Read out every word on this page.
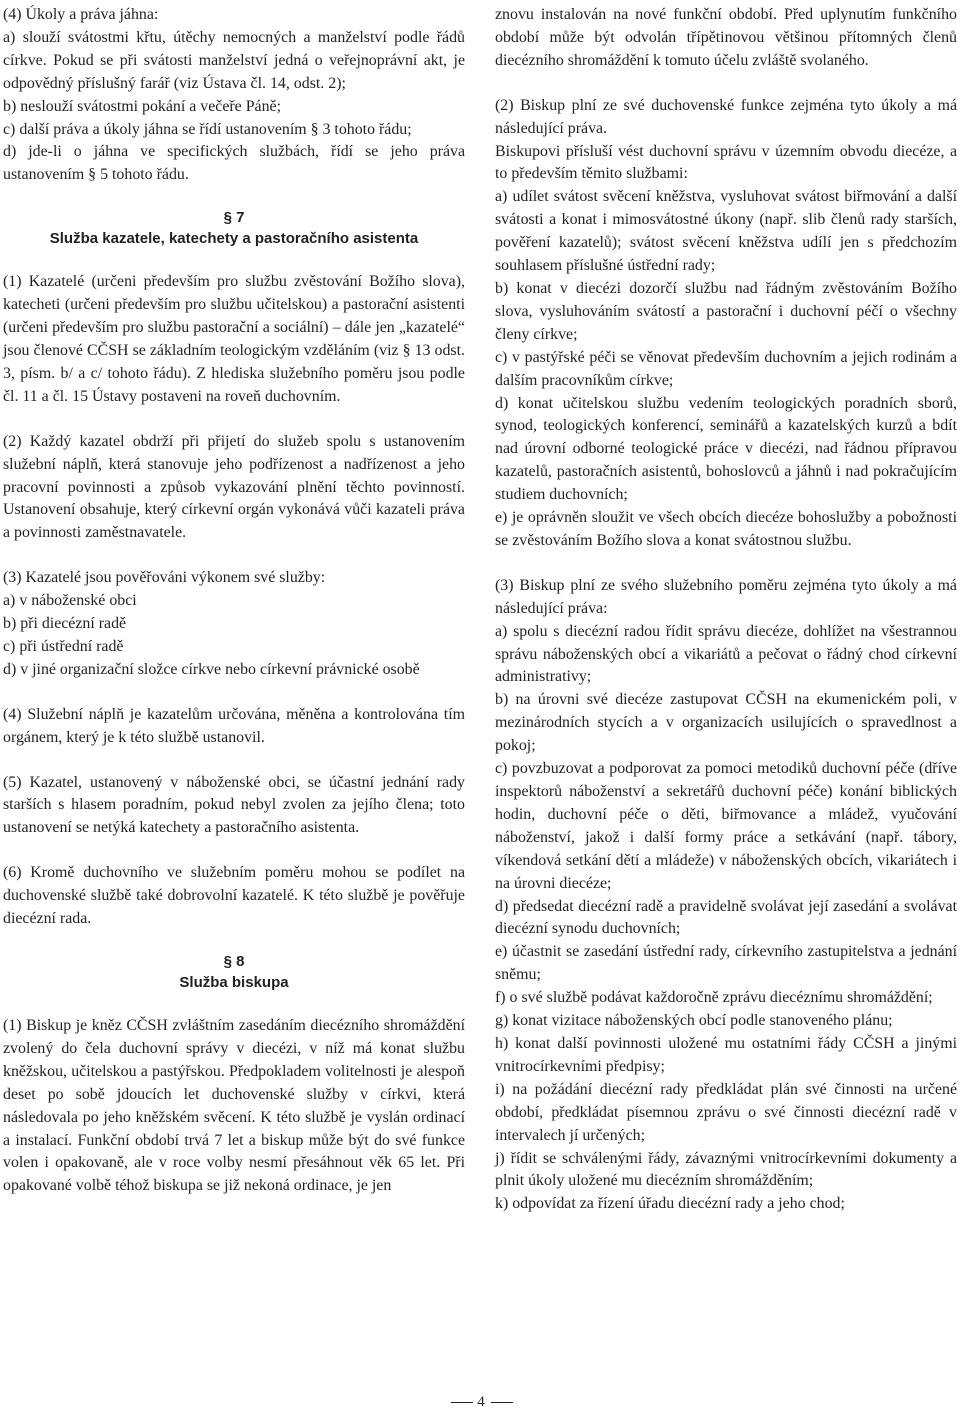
(4) Úkoly a práva jáhna:

a) slouží svátostmi křtu, útěchy nemocných a manželství podle řádů církve. Pokud se při svátosti manželství jedná o veřejnoprávní akt, je odpovědný příslušný farář (viz Ústava čl. 14, odst. 2);

b) neslouží svátostmi pokání a večeře Páně;

c) další práva a úkoly jáhna se řídí ustanovením § 3 tohoto řádu;

d) jde-li o jáhna ve specifických službách, řídí se jeho práva ustanovením § 5 tohoto řádu.

§ 7
Služba kazatele, katechety a pastoračního asistenta

(1) Kazatelé (určeni především pro službu zvěstování Božího slova), katecheti (určeni především pro službu učitelskou) a pastorační asistenti (určeni především pro službu pastorační a sociální) – dále jen „kazatelé“ jsou členové CČSH se základním teologickým vzděláním (viz § 13 odst. 3, písm. b/ a c/ tohoto řádu). Z hlediska služebního poměru jsou podle čl. 11 a čl. 15 Ústavy postaveni na roveň duchovním.

(2) Každý kazatel obdrží při přijetí do služeb spolu s ustanovením služební náplň, která stanovuje jeho podřízenost a nadřízenost a jeho pracovní povinnosti a způsob vykazování plnění těchto povinností. Ustanovení obsahuje, který církevní orgán vykonává vůči kazateli práva a povinnosti zaměstnavatele.

(3) Kazatelé jsou pověřováni výkonem své služby:

a) v náboženské obci

b) při diecézní radě

c) při ústřední radě

d) v jiné organizační složce církve nebo církevní právnické osobě

(4) Služební náplň je kazatelům určována, měněna a kontrolována tím orgánem, který je k této službě ustanovil.

(5) Kazatel, ustanovený v náboženské obci, se účastní jednání rady starších s hlasem poradním, pokud nebyl zvolen za jejího člena; toto ustanovení se netýká katechety a pastoračního asistenta.

(6) Kromě duchovního ve služebním poměru mohou se podílet na duchovenské službě také dobrovolní kazatelé. K této službě je pověřuje diecézní rada.

§ 8
Služba biskupa

(1) Biskup je kněz CČSH zvláštním zasedáním diecézního shromáždění zvolený do čela duchovní správy v diecézi, v níž má konat službu kněžskou, učitelskou a pastýřskou. Předpokladem volitelnosti je alespoň deset po sobě jdoucích let duchovenské služby v církvi, která následovala po jeho kněžském svěcení. K této službě je vyslán ordinací a instalací. Funkční období trvá 7 let a biskup může být do své funkce volen i opakovaně, ale v roce volby nesmí přesáhnout věk 65 let. Při opakované volbě téhož biskupa se již nekoná ordinace, je jen

znovu instalován na nové funkční období. Před uplynutím funkčního období může být odvolán třípětinovou většinou přítomných členů diecézního shromáždění k tomuto účelu zvláště svolaného.

(2) Biskup plní ze své duchovenské funkce zejména tyto úkoly a má následující práva.

Biskupovi přísluší vést duchovní správu v územním obvodu diecéze, a to především těmito službami:

a) udílet svátost svěcení kněžstva, vysluhovat svátost biřmování a další svátosti a konat i mimosvátostné úkony (např. slib členů rady starších, pověření kazatelů); svátost svěcení kněžstva udílí jen s předchozím souhlasem příslušné ústřední rady;

b) konat v diecézi dozorčí službu nad řádným zvěstováním Božího slova, vysluhováním svátostí a pastorační i duchovní péčí o všechny členy církve;

c) v pastýřské péči se věnovat především duchovním a jejich rodinám a dalším pracovníkům církve;

d) konat učitelskou službu vedením teologických poradních sborů, synod, teologických konferencí, seminářů a kazatelských kurzů a bdít nad úrovní odborné teologické práce v diecézi, nad řádnou přípravou kazatelů, pastoračních asistentů, bohoslovců a jáhnů i nad pokračujícím studiem duchovních;

e) je oprávněn sloužit ve všech obcích diecéze bohoslužby a pobožnosti se zvěstováním Božího slova a konat svátostnou službu.

(3) Biskup plní ze svého služebního poměru zejména tyto úkoly a má následující práva:

a) spolu s diecézní radou řídit správu diecéze, dohlížet na všestrannou správu náboženských obcí a vikariátů a pečovat o řádný chod církevní administrativy;

b) na úrovni své diecéze zastupovat CČSH na ekumenickém poli, v mezinárodních stycích a v organizacích usilujících o spravedlnost a pokoj;

c) povzbuzovat a podporovat za pomoci metodiků duchovní péče (dříve inspektorů náboženství a sekretářů duchovní péče) konání biblických hodin, duchovní péče o děti, biřmovance a mládež, vyučování náboženství, jakož i další formy práce a setkávání (např. tábory, víkendová setkání dětí a mládeže) v náboženských obcích, vikariátech i na úrovni diecéze;

d) předsedat diecézní radě a pravidelně svolávat její zasedání a svolávat diecézní synodu duchovních;

e) účastnit se zasedání ústřední rady, církevního zastupitelstva a jednání sněmu;

f) o své službě podávat každoročně zprávu diecéznímu shromáždění;

g) konat vizitace náboženských obcí podle stanoveného plánu;

h) konat další povinnosti uložené mu ostatními řády CČSH a jinými vnitrocírkevními předpisy;

i) na požádání diecézní rady předkládat plán své činnosti na určené období, předkládat písemnou zprávu o své činnosti diecézní radě v intervalech jí určených;

j) řídit se schválenými řády, závaznými vnitrocírkevními dokumenty a plnit úkoly uložené mu diecézním shromážděním;

k) odpovídat za řízení úřadu diecézní rady a jeho chod;

4
